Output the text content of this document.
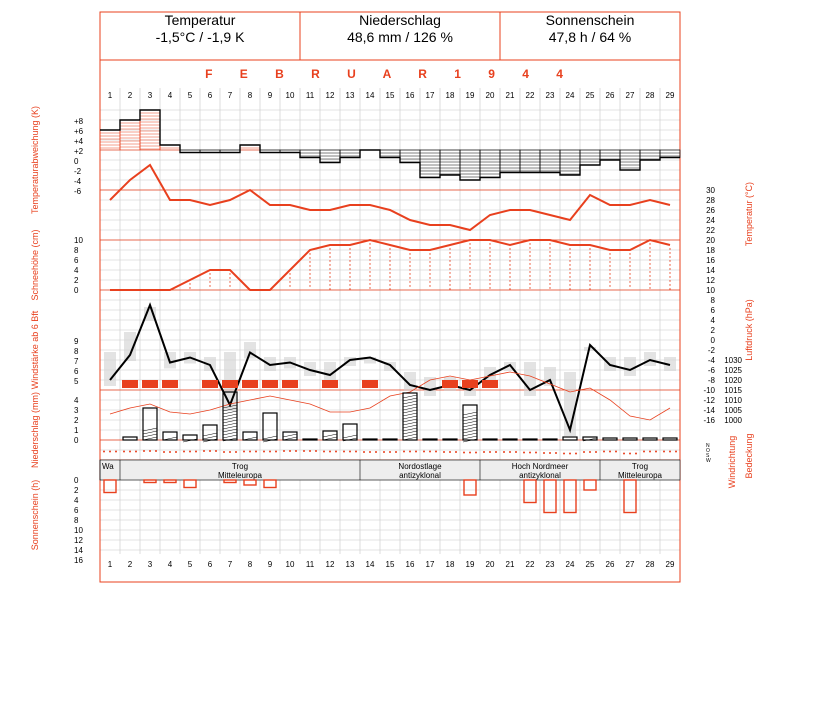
1
1
2
2
3
3
4
4
5
5
6
6
7
7
8
8
9
9
10
10
11
11
12
12
13
13
14
14
15
15
16
16
17
17
18
18
19
19
20
20
21
21
22
22
23
23
24
24
25
25
26
26
27
27
28
28
29
29
Temperaturabweichung (K)
Schneehöhe (cm)
Windstärke ab 6 Bft
Niederschlag (mm)
Sonnenschein (h)
Temperatur (°C)
Luftdruck (hPa)
Windrichtung Bedeckung
+8
+6
+4
+2
0
-2
-4
-6
10
8
6
4
2
0
9
8
7
6
5
4
3
2
1
0
0
2
4
6
8
10
12
14
16
30
28
26
24
22
20
18
16
14
12
10
8
6
4
2
0
-2
-4
-6
-8
-10
-12
-14
-16
1030
1025
1020
1015
1010
1005
1000
N
O
S
W
Wa	Trog
Mitteleuropa
Nordostlage
antizyklonal
Hoch Nordmeer
antizyklonal
Trog
Mitteleuropa
Temperatur
-1,5°C / -1,9 K
Niederschlag
48,6 mm / 126 %
Sonnenschein
47,8 h / 64 %
F E B R U A R 1 9 4 4
